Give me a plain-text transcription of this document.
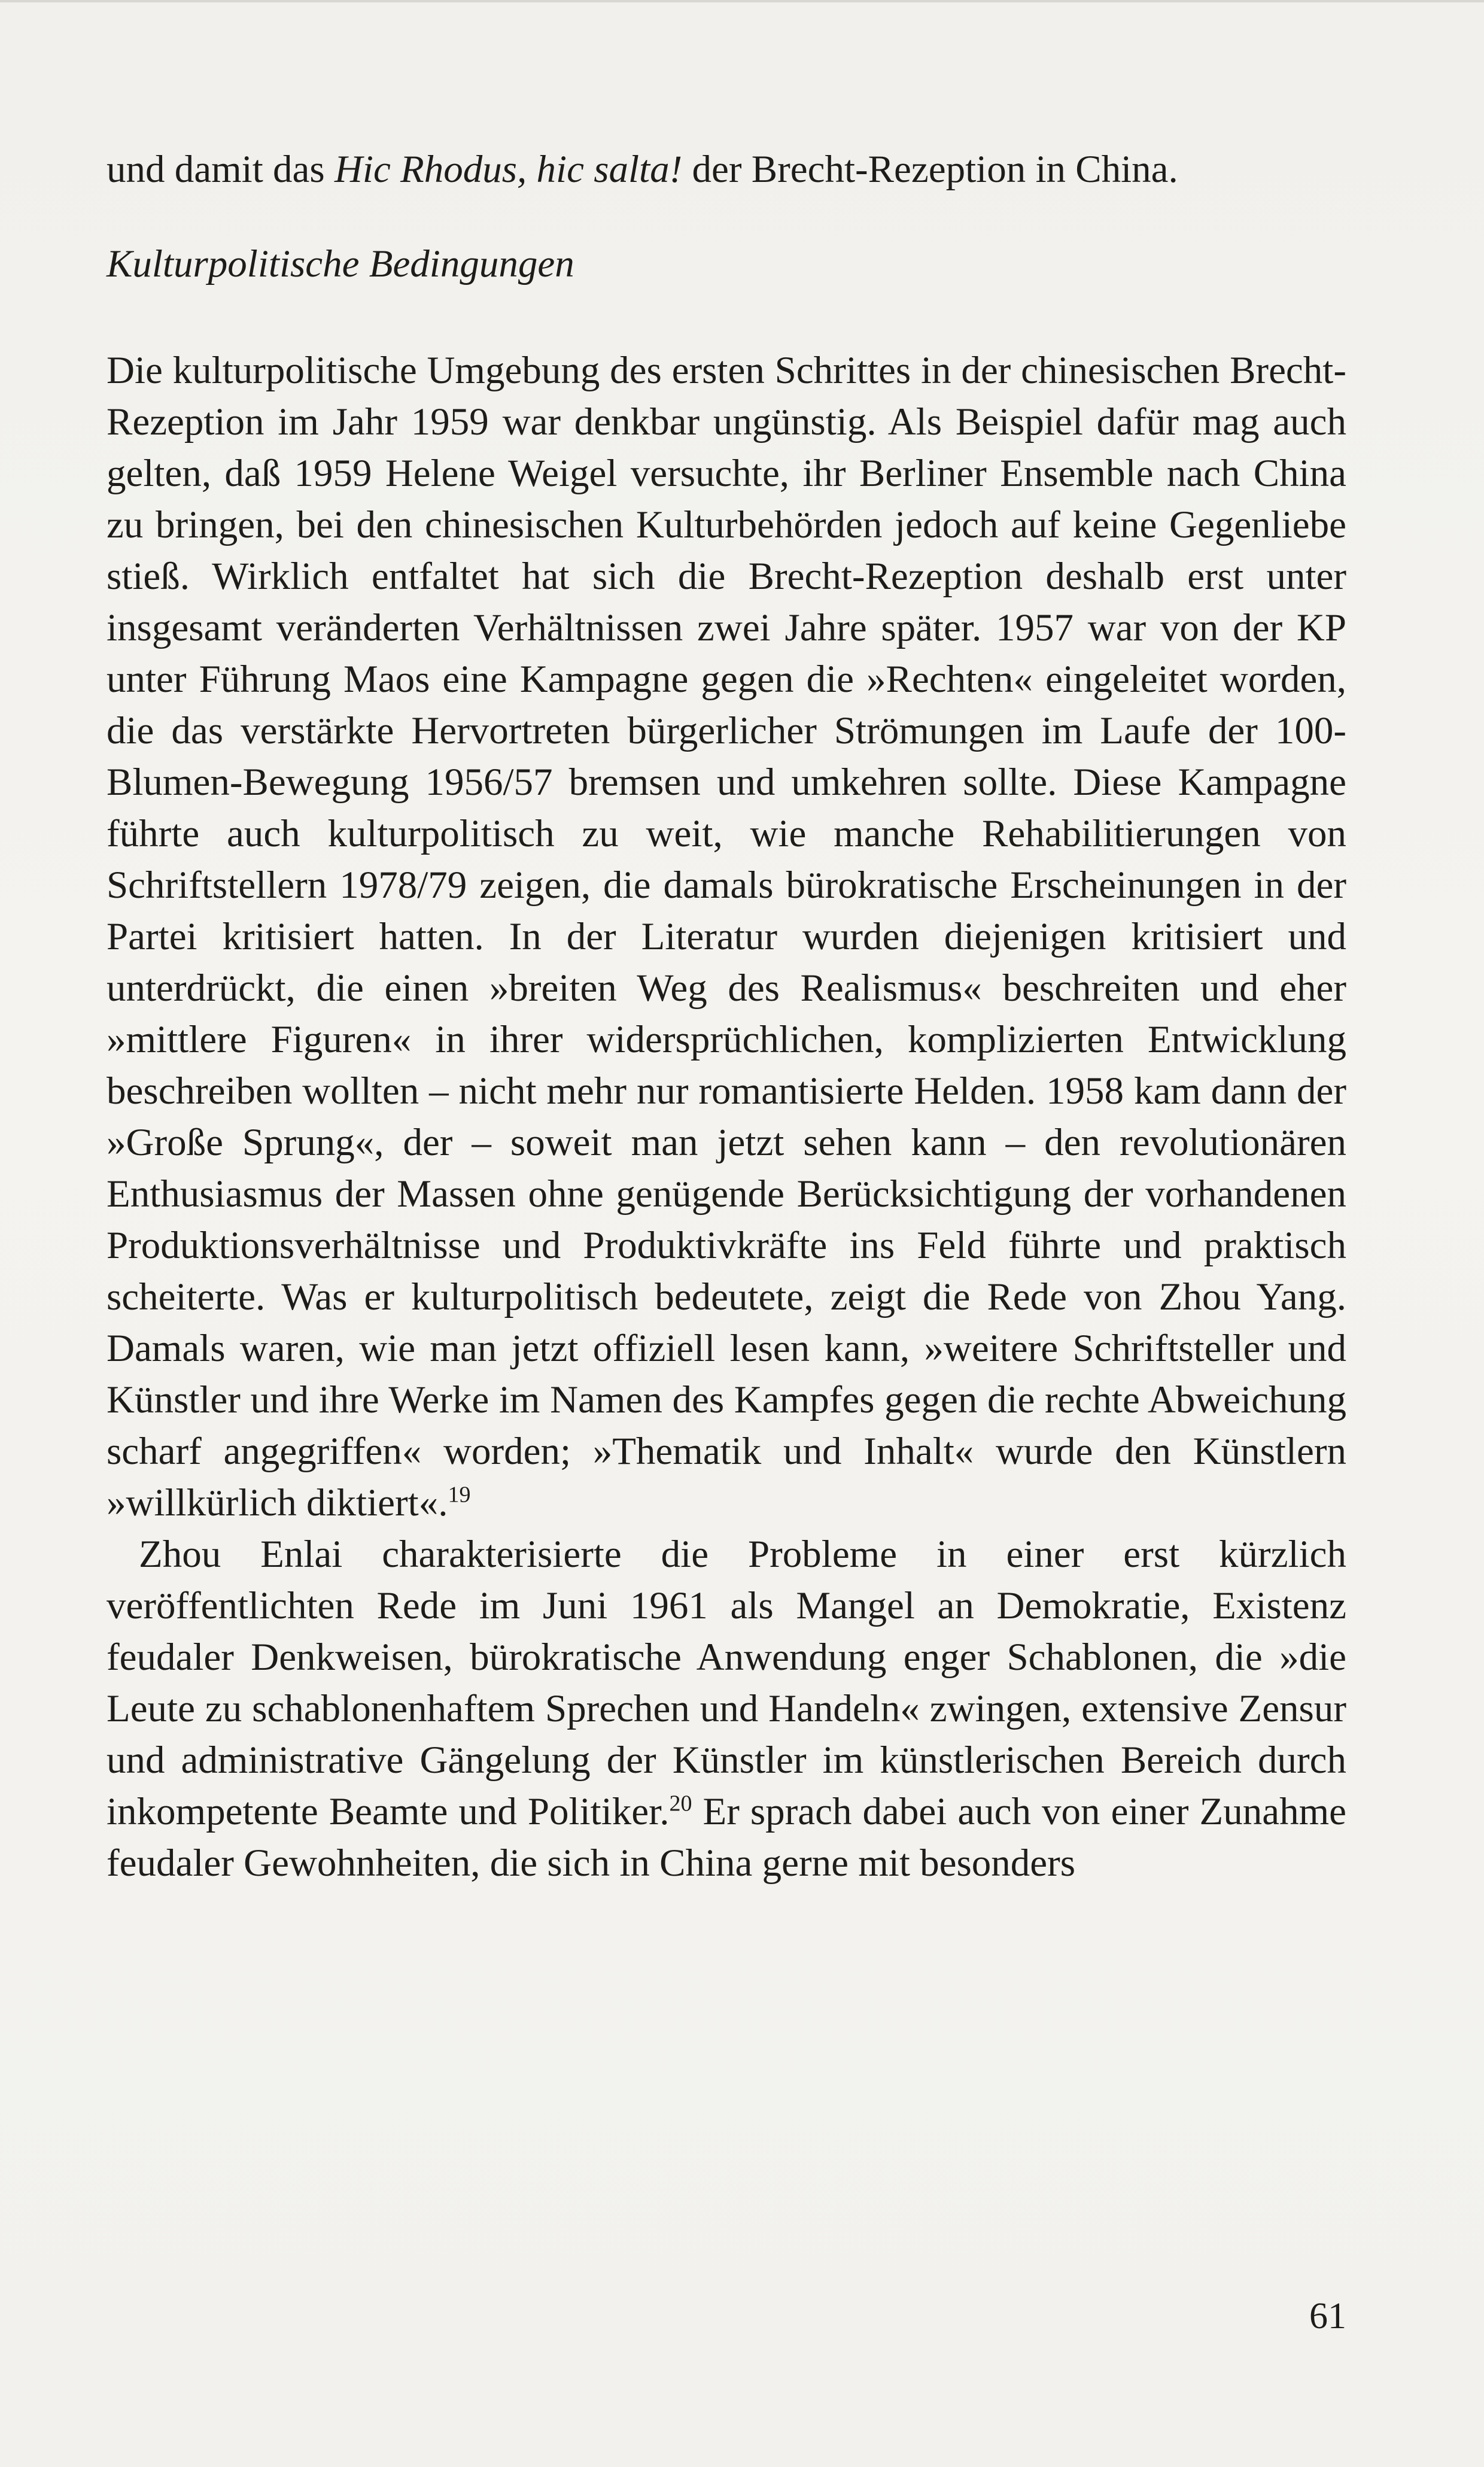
und damit das Hic Rhodus, hic salta! der Brecht-Rezeption in China.

Kulturpolitische Bedingungen

Die kulturpolitische Umgebung des ersten Schrittes in der chinesischen Brecht-Rezeption im Jahr 1959 war denkbar ungünstig. Als Beispiel dafür mag auch gelten, daß 1959 Helene Weigel versuchte, ihr Berliner Ensemble nach China zu bringen, bei den chinesischen Kulturbehörden jedoch auf keine Gegenliebe stieß. Wirklich entfaltet hat sich die Brecht-Rezeption deshalb erst unter insgesamt veränderten Verhältnissen zwei Jahre später. 1957 war von der KP unter Führung Maos eine Kampagne gegen die »Rechten« eingeleitet worden, die das verstärkte Hervortreten bürgerlicher Strömungen im Laufe der 100-Blumen-Bewegung 1956/57 bremsen und umkehren sollte. Diese Kampagne führte auch kulturpolitisch zu weit, wie manche Rehabilitierungen von Schriftstellern 1978/79 zeigen, die damals bürokratische Erscheinungen in der Partei kritisiert hatten. In der Literatur wurden diejenigen kritisiert und unterdrückt, die einen »breiten Weg des Realismus« beschreiten und eher »mittlere Figuren« in ihrer widersprüchlichen, komplizierten Entwicklung beschreiben wollten – nicht mehr nur romantisierte Helden. 1958 kam dann der »Große Sprung«, der – soweit man jetzt sehen kann – den revolutionären Enthusiasmus der Massen ohne genügende Berücksichtigung der vorhandenen Produktionsverhältnisse und Produktivkräfte ins Feld führte und praktisch scheiterte. Was er kulturpolitisch bedeutete, zeigt die Rede von Zhou Yang. Damals waren, wie man jetzt offiziell lesen kann, »weitere Schriftsteller und Künstler und ihre Werke im Namen des Kampfes gegen die rechte Abweichung scharf angegriffen« worden; »Thematik und Inhalt« wurde den Künstlern »willkürlich diktiert«.$^{19}$

Zhou Enlai charakterisierte die Probleme in einer erst kürzlich veröffentlichten Rede im Juni 1961 als Mangel an Demokratie, Existenz feudaler Denkweisen, bürokratische Anwendung enger Schablonen, die »die Leute zu schablonenhaftem Sprechen und Handeln« zwingen, extensive Zensur und administrative Gängelung der Künstler im künstlerischen Bereich durch inkompetente Beamte und Politiker.$^{20}$ Er sprach dabei auch von einer Zunahme feudaler Gewohnheiten, die sich in China gerne mit besonders

61
